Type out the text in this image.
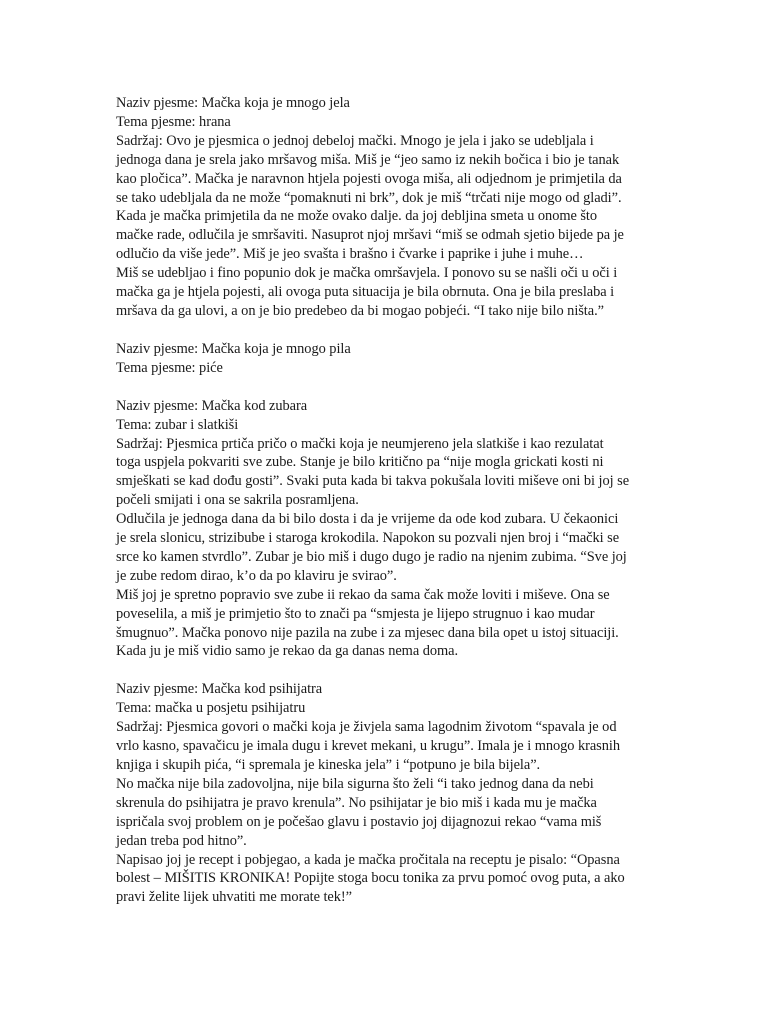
Naziv pjesme: Mačka koja je mnogo jela
Tema pjesme: hrana
Sadržaj: Ovo je pjesmica o jednoj debeloj mački. Mnogo je jela i jako se udebljala i
jednoga dana je srela jako mršavog miša. Miš je “jeo samo iz nekih bočica i bio je tanak
kao pločica”. Mačka je naravnon htjela pojesti ovoga miša, ali odjednom je primjetila da
se tako udebljala da ne može “pomaknuti ni brk”, dok je miš “trčati nije mogo od gladi”.
Kada je mačka primjetila da ne može ovako dalje. da joj debljina smeta u onome što
mačke rade, odlučila je smršaviti. Nasuprot njoj mršavi “miš se odmah sjetio bijede pa je
odlučio da više jede”. Miš je jeo svašta i brašno i čvarke i paprike i juhe i muhe…
Miš se udebljao i fino popunio dok je mačka omršavjela. I ponovo su se našli oči u oči i
mačka ga je htjela pojesti, ali ovoga puta situacija je bila obrnuta. Ona je bila preslaba i
mršava da ga ulovi, a on je bio predebeo da bi mogao pobjeći. “I tako nije bilo ništa.”
Naziv pjesme: Mačka koja je mnogo pila
Tema pjesme: piće
Naziv pjesme: Mačka kod zubara
Tema: zubar i slatkiši
Sadržaj: Pjesmica prtiča pričo o mački koja je neumjereno jela slatkiše i kao rezulatat
toga uspjela pokvariti sve zube. Stanje je bilo kritično pa “nije mogla grickati kosti ni
smješkati se kad dođu gosti”. Svaki puta kada bi takva pokušala loviti miševe oni bi joj se
počeli smijati i ona se sakrila posramljena.
Odlučila je jednoga dana da bi bilo dosta i da je vrijeme da ode kod zubara. U čekaonici
je srela slonicu, strizibube i staroga krokodila. Napokon su pozvali njen broj i “mački se
srce ko kamen stvrdlo”. Zubar je bio miš i dugo dugo je radio na njenim zubima. “Sve joj
je zube redom dirao, k’o da po klaviru je svirao”.
Miš joj je spretno popravio sve zube ii rekao da sama čak može loviti i miševe. Ona se
poveselila, a miš je primjetio što to znači pa “smjesta je lijepo strugnuo i kao mudar
šmugnuo”. Mačka ponovo nije pazila na zube i za mjesec dana bila opet u istoj situaciji.
Kada ju je miš vidio samo je rekao da ga danas nema doma.
Naziv pjesme: Mačka kod psihijatra
Tema: mačka u posjetu psihijatru
Sadržaj: Pjesmica govori o mački koja je živjela sama lagodnim životom “spavala je od
vrlo kasno, spavačicu je imala dugu i krevet mekani, u krugu”. Imala je i mnogo krasnih
knjiga i skupih pića, “i spremala je kineska jela” i “potpuno je bila bijela”.
No mačka nije bila zadovoljna, nije bila sigurna što želi “i tako jednog dana da nebi
skrenula do psihijatra je pravo krenula”. No psihijatar je bio miš i kada mu je mačka
ispričala svoj problem on je počešao glavu i postavio joj dijagnozui rekao “vama miš
jedan treba pod hitno”.
Napisao joj je recept i pobjegao, a kada je mačka pročitala na receptu je pisalo: “Opasna
bolest – MIŠITIS KRONIKA! Popijte stoga bocu tonika za prvu pomoć ovog puta, a ako
pravi želite lijek uhvatiti me morate tek!”
